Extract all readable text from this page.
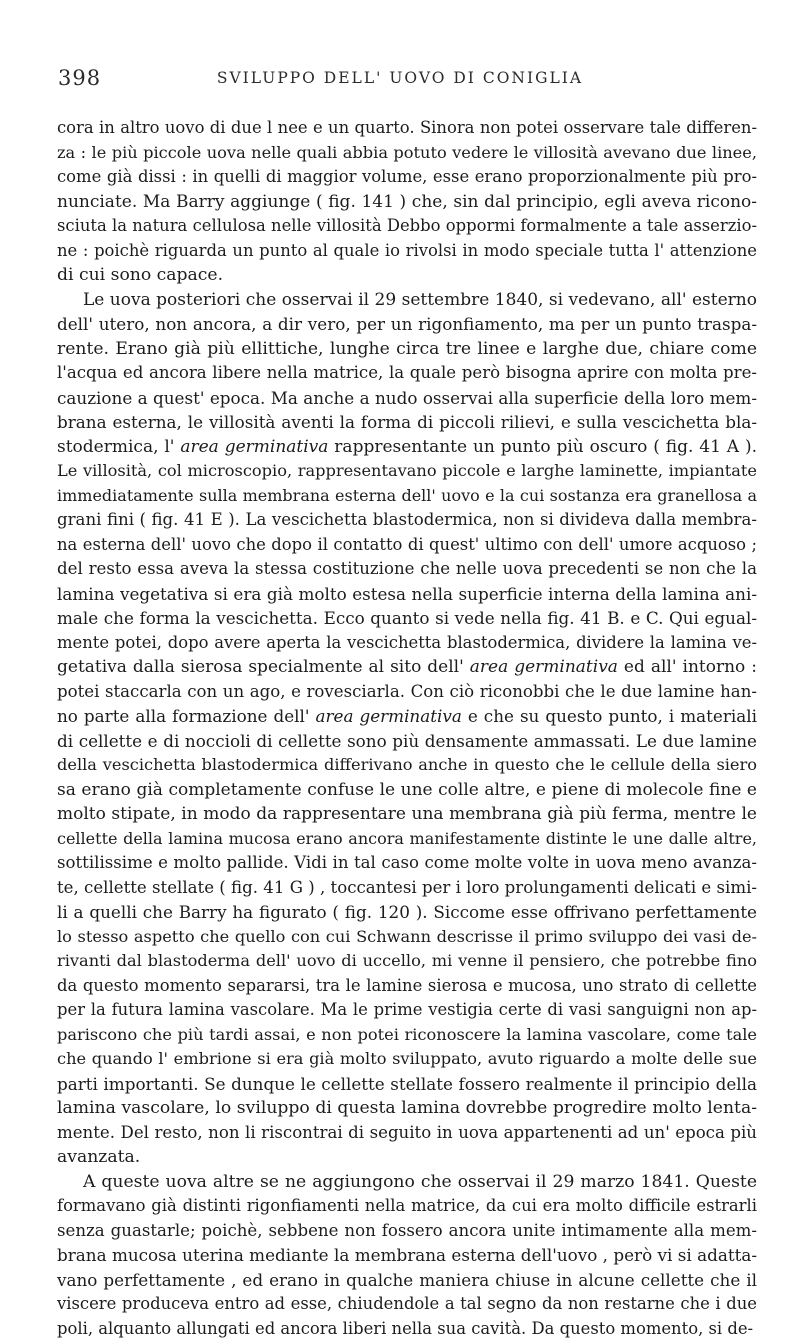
398	SVILUPPO DELL' UOVO DI CONIGLIA
cora in altro uovo di due l nee e un quarto. Sinora non potei osservare tale differen-
za : le più piccole uova nelle quali abbia potuto vedere le villosità avevano due linee,
come già dissi : in quelli di maggior volume, esse erano proporzionalmente più pro-
nunciate. Ma Barry aggiunge ( fig. 141 ) che, sin dal principio, egli aveva ricono-
sciuta la natura cellulosa nelle villosità Debbo oppormi formalmente a tale asserzio-
ne : poichè riguarda un punto al quale io rivolsi in modo speciale tutta l' attenzione
di cui sono capace.
Le uova posteriori che osservai il 29 settembre 1840, si vedevano, all' esterno
dell' utero, non ancora, a dir vero, per un rigonfiamento, ma per un punto traspa-
rente. Erano già più ellittiche, lunghe circa tre linee e larghe due, chiare come
l'acqua ed ancora libere nella matrice, la quale però bisogna aprire con molta pre-
cauzione a quest' epoca. Ma anche a nudo osservai alla superficie della loro mem-
brana esterna, le villosità aventi la forma di piccoli rilievi, e sulla vescichetta bla-
stodermica, l' area germinativa rappresentante un punto più oscuro ( fig. 41 A ).
Le villosità, col microscopio, rappresentavano piccole e larghe laminette, impiantate
immediatamente sulla membrana esterna dell' uovo e la cui sostanza era granellosa a
grani fini ( fig. 41 E ). La vescichetta blastodermica, non si divideva dalla membra-
na esterna dell' uovo che dopo il contatto di quest' ultimo con dell' umore acquoso ;
del resto essa aveva la stessa costituzione che nelle uova precedenti se non che la
lamina vegetativa si era già molto estesa nella superficie interna della lamina ani-
male che forma la vescichetta. Ecco quanto si vede nella fig. 41 B. e C. Qui egual-
mente potei, dopo avere aperta la vescichetta blastodermica, dividere la lamina ve-
getativa dalla sierosa specialmente al sito dell' area germinativa ed all' intorno :
potei staccarla con un ago, e rovesciarla. Con ciò riconobbi che le due lamine han-
no parte alla formazione dell' area germinativa e che su questo punto, i materiali
di cellette e di noccioli di cellette sono più densamente ammassati. Le due lamine
della vescichetta blastodermica differivano anche in questo che le cellule della siero
sa erano già completamente confuse le une colle altre, e piene di molecole fine e
molto stipate, in modo da rappresentare una membrana già più ferma, mentre le
cellette della lamina mucosa erano ancora manifestamente distinte le une dalle altre,
sottilissime e molto pallide. Vidi in tal caso come molte volte in uova meno avanza-
te, cellette stellate ( fig. 41 G ) , toccantesi per i loro prolungamenti delicati e simi-
li a quelli che Barry ha figurato ( fig. 120 ). Siccome esse offrivano perfettamente
lo stesso aspetto che quello con cui Schwann descrisse il primo sviluppo dei vasi de-
rivanti dal blastoderma dell' uovo di uccello, mi venne il pensiero, che potrebbe fino
da questo momento separarsi, tra le lamine sierosa e mucosa, uno strato di cellette
per la futura lamina vascolare. Ma le prime vestigia certe di vasi sanguigni non ap-
pariscono che più tardi assai, e non potei riconoscere la lamina vascolare, come tale
che quando l' embrione si era già molto sviluppato, avuto riguardo a molte delle sue
parti importanti. Se dunque le cellette stellate fossero realmente il principio della
lamina vascolare, lo sviluppo di questa lamina dovrebbe progredire molto lenta-
mente. Del resto, non li riscontrai di seguito in uova appartenenti ad un' epoca più
avanzata.
A queste uova altre se ne aggiungono che osservai il 29 marzo 1841. Queste
formavano già distinti rigonfiamenti nella matrice, da cui era molto difficile estrarli
senza guastarle; poichè, sebbene non fossero ancora unite intimamente alla mem-
brana mucosa uterina mediante la membrana esterna dell'uovo , però vi si adatta-
vano perfettamente , ed erano in qualche maniera chiuse in alcune cellette che il
viscere produceva entro ad esse, chiudendole a tal segno da non restarne che i due
poli, alquanto allungati ed ancora liberi nella sua cavità. Da questo momento, si de-
